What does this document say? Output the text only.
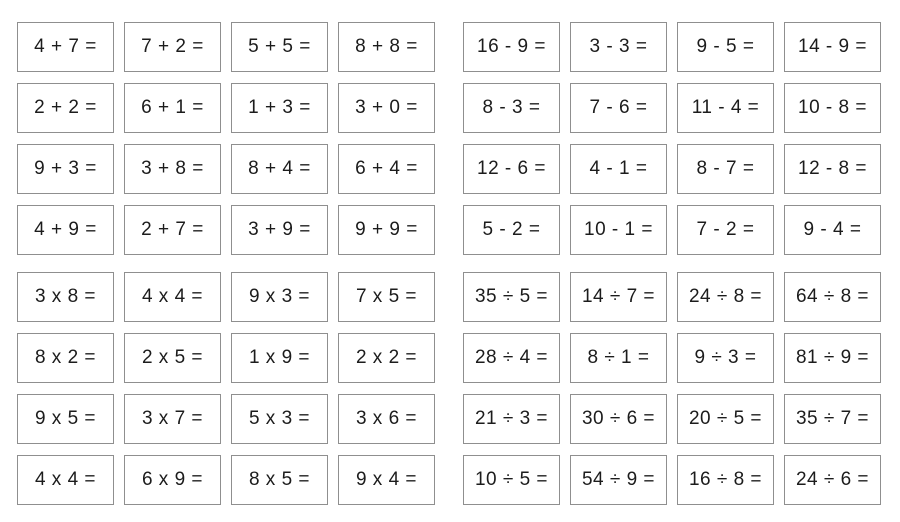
4 + 7 =	7 + 2 =	5 + 5 =	8 + 8 =
2 + 2 =	6 + 1 =	1 + 3 =	3 + 0 =
9 + 3 =	3 + 8 =	8 + 4 =	6 + 4 =
4 + 9 =	2 + 7 =	3 + 9 =	9 + 9 =
16 - 9 =	3 - 3 =	9 - 5 =	14 - 9 =
8 - 3 =	7 - 6 =	11 - 4 =	10 - 8 =
12 - 6 =	4 - 1 =	8 - 7 =	12 - 8 =
5 - 2 =	10 - 1 =	7 - 2 =	9 - 4 =
3 x 8 =	4 x 4 =	9 x 3 =	7 x 5 =
8 x 2 =	2 x 5 =	1 x 9 =	2 x 2 =
9 x 5 =	3 x 7 =	5 x 3 =	3 x 6 =
4 x 4 =	6 x 9 =	8 x 5 =	9 x 4 =
35 ÷ 5 =	14 ÷ 7 =	24 ÷ 8 =	64 ÷ 8 =
28 ÷ 4 =	8 ÷ 1 =	9 ÷ 3 =	81 ÷ 9 =
21 ÷ 3 =	30 ÷ 6 =	20 ÷ 5 =	35 ÷ 7 =
10 ÷ 5 =	54 ÷ 9 =	16 ÷ 8 =	24 ÷ 6 =
